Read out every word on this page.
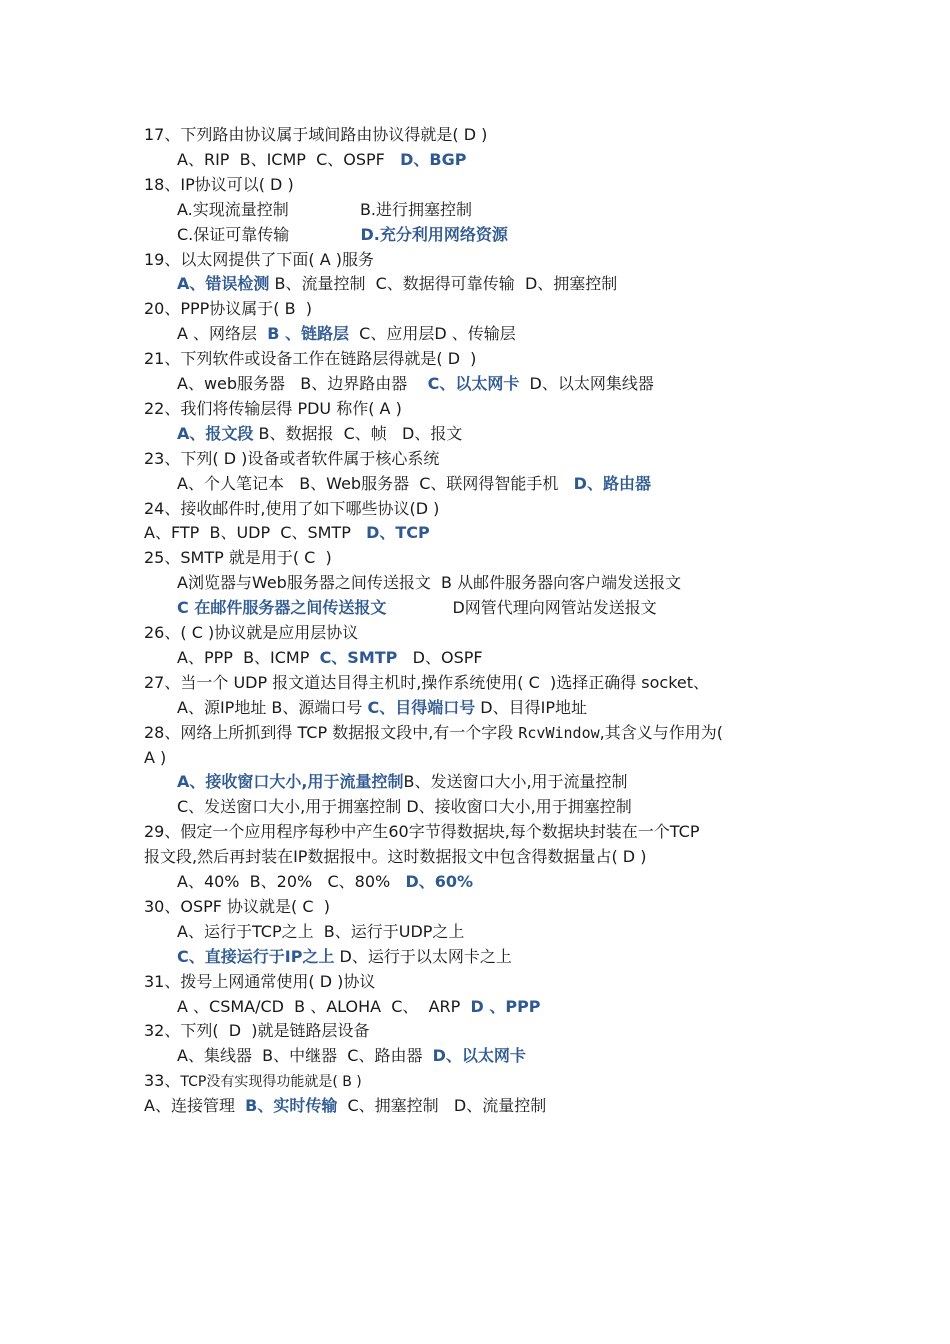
17、下列路由协议属于域间路由协议得就是( D )
A、RIP  B、ICMP  C、OSPF   D、BGP
18、IP协议可以( D )
A.实现流量控制              B.进行拥塞控制
C.保证可靠传输              D.充分利用网络资源
19、以太网提供了下面( A )服务
A、错误检测 B、流量控制  C、数据得可靠传输  D、拥塞控制
20、PPP协议属于( B  )
A 、网络层  B 、链路层  C、应用层D 、传输层
21、下列软件或设备工作在链路层得就是( D  )
A、web服务器   B、边界路由器    C、以太网卡  D、以太网集线器
22、我们将传输层得 PDU 称作( A )
A、报文段 B、数据报  C、帧   D、报文
23、下列( D )设备或者软件属于核心系统
A、个人笔记本   B、Web服务器  C、联网得智能手机   D、路由器
24、接收邮件时,使用了如下哪些协议(D )
A、FTP  B、UDP  C、SMTP   D、TCP
25、SMTP 就是用于( C  )
A浏览器与Web服务器之间传送报文  B 从邮件服务器向客户端发送报文
C 在邮件服务器之间传送报文             D网管代理向网管站发送报文
26、( C )协议就是应用层协议
A、PPP  B、ICMP  C、SMTP   D、OSPF
27、当一个 UDP 报文道达目得主机时,操作系统使用( C  )选择正确得 socket、
A、源IP地址 B、源端口号 C、目得端口号 D、目得IP地址
28、网络上所抓到得 TCP 数据报文段中,有一个字段 RcvWindow,其含义与作用为(
A )
A、接收窗口大小,用于流量控制B、发送窗口大小,用于流量控制
C、发送窗口大小,用于拥塞控制 D、接收窗口大小,用于拥塞控制
29、假定一个应用程序每秒中产生60字节得数据块,每个数据块封装在一个TCP
报文段,然后再封装在IP数据报中。这时数据报文中包含得数据量占( D )
A、40%  B、20%   C、80%   D、60%
30、OSPF 协议就是( C  )
A、运行于TCP之上  B、运行于UDP之上
C、直接运行于IP之上 D、运行于以太网卡之上
31、拨号上网通常使用( D )协议
A 、CSMA/CD  B 、ALOHA  C、  ARP  D 、PPP
32、下列(  D  )就是链路层设备
A、集线器  B、中继器  C、路由器  D、以太网卡
33、TCP没有实现得功能就是( B )
A、连接管理  B、实时传输  C、拥塞控制   D、流量控制
